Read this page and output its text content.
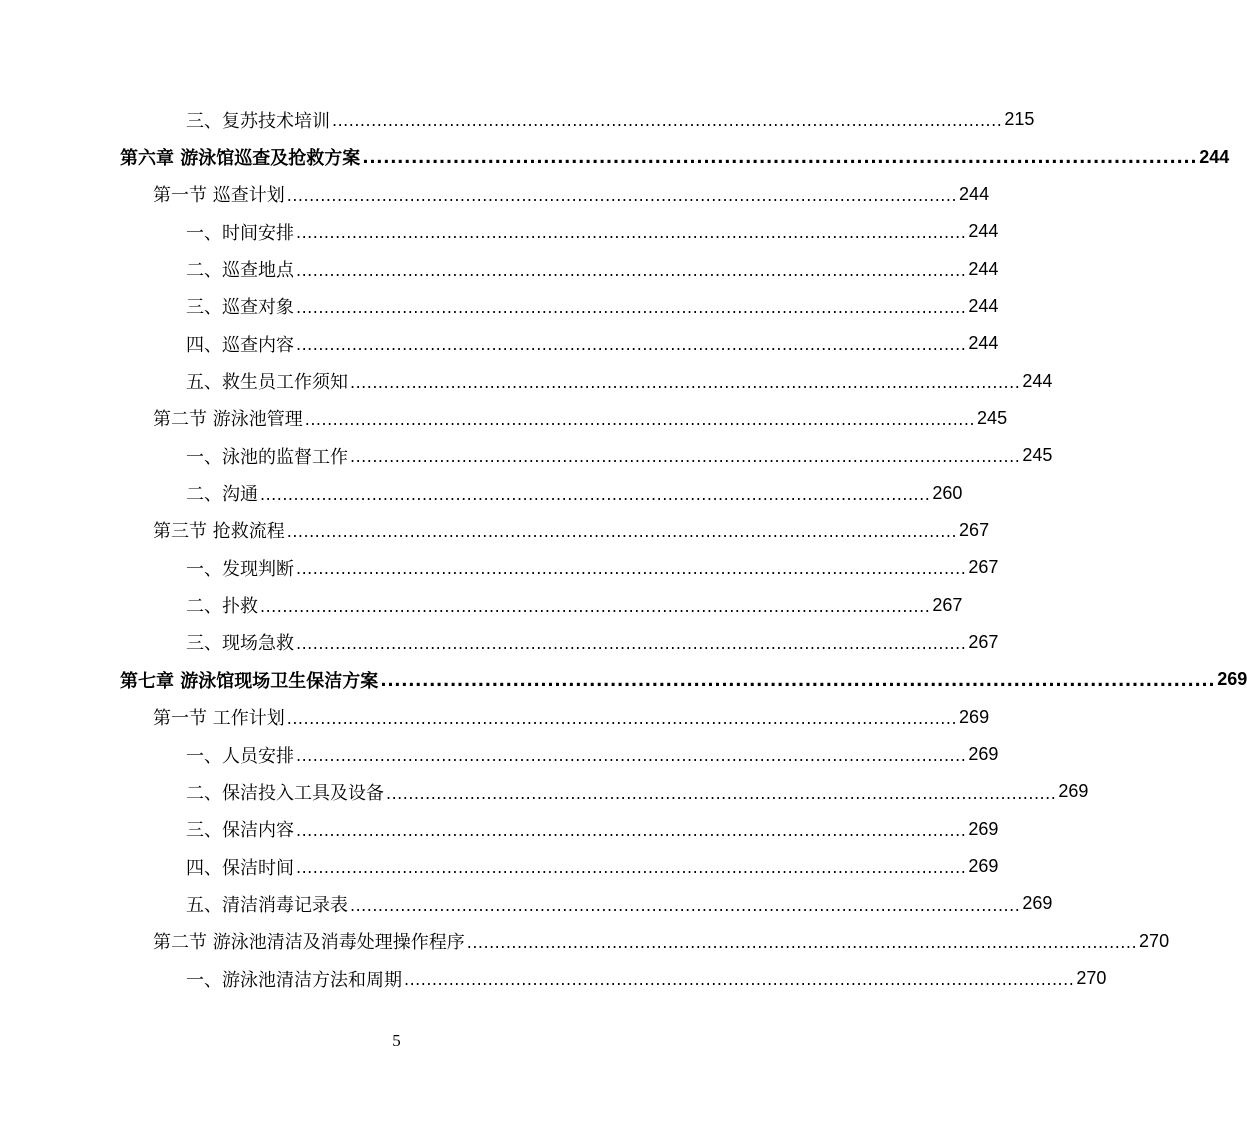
三、复苏技术培训 ........................................................................................................................ 215
第六章 游泳馆巡查及抢救方案 ........................................................................................................................ 244
第一节 巡查计划 ........................................................................................................................ 244
一、时间安排 ........................................................................................................................ 244
二、巡查地点 ........................................................................................................................ 244
三、巡查对象 ........................................................................................................................ 244
四、巡查内容 ........................................................................................................................ 244
五、救生员工作须知 ........................................................................................................................ 244
第二节 游泳池管理 ........................................................................................................................ 245
一、泳池的监督工作 ........................................................................................................................ 245
二、沟通 ........................................................................................................................ 260
第三节 抢救流程 ........................................................................................................................ 267
一、发现判断 ........................................................................................................................ 267
二、扑救 ........................................................................................................................ 267
三、现场急救 ........................................................................................................................ 267
第七章 游泳馆现场卫生保洁方案 ........................................................................................................................ 269
第一节 工作计划 ........................................................................................................................ 269
一、人员安排 ........................................................................................................................ 269
二、保洁投入工具及设备 ........................................................................................................................ 269
三、保洁内容 ........................................................................................................................ 269
四、保洁时间 ........................................................................................................................ 269
五、清洁消毒记录表 ........................................................................................................................ 269
第二节 游泳池清洁及消毒处理操作程序 ........................................................................................................................ 270
一、游泳池清洁方法和周期 ........................................................................................................................ 270
5
